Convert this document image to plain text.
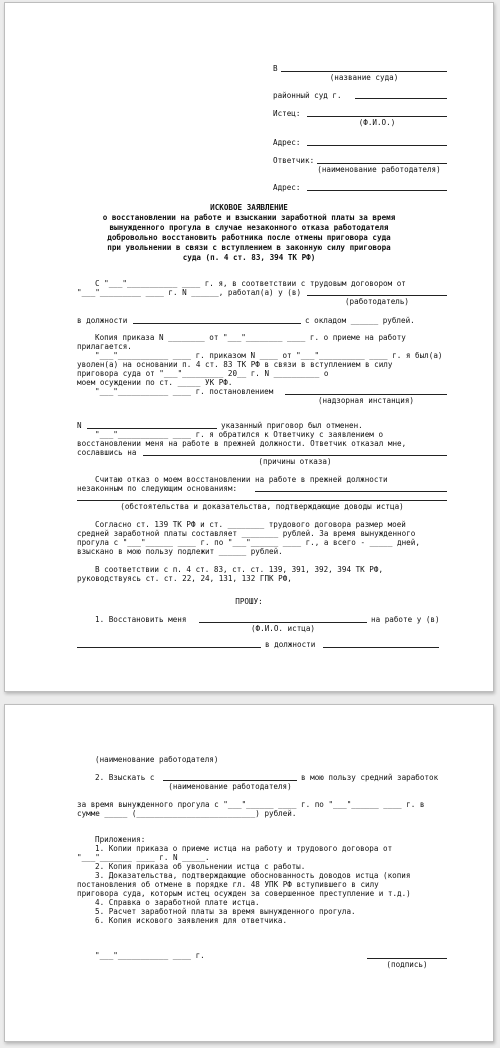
В
(название суда)
районный суд г.
Истец:
(Ф.И.О.)
Адрес:
Ответчик:
(наименование работодателя)
Адрес:
ИСКОВОЕ ЗАЯВЛЕНИЕ
о восстановлении на работе и взыскании заработной платы за время
вынужденного прогула в случае незаконного отказа работодателя
добровольно восстановить работника после отмены приговора суда
при увольнении в связи с вступлением в законную силу приговора
суда (п. 4 ст. 83, 394 ТК РФ)
С "___"___________ ____ г. я, в соответствии с трудовым договором от
"___"_________ ____ г. N ______, работал(а) у (в)
(работодатель)
в должности	с окладом ______ рублей.
Копия приказа N ________ от "___"________ ____ г. о приеме на работу
прилагается.
"___"___________ ____ г. приказом N ____ от "___"__________ ____ г. я был(а)
уволен(а) на основании п. 4 ст. 83 ТК РФ в связи в вступлением в силу
приговора суда от "___"_________ 20__ г. N __________ о
моем осуждении по ст. _____ УК РФ.
"___"___________ ____ г. постановлением
(надзорная инстанция)
N	указанный приговор был отменен.
"___"___________ ____ г. я обратился к Ответчику с заявлением о
восстановлении меня на работе в прежней должности. Ответчик отказал мне,
сославшись на
(причины отказа)
Считаю отказ о моем восстановлении на работе в прежней должности
незаконным по следующим основаниям:
(обстоятельства и доказательства, подтверждающие доводы истца)
Согласно ст. 139 ТК РФ и ст. ________ трудового договора размер моей
средней заработной платы составляет ________ рублей. За время вынужденного
прогула с "___"______ ____ г. по "___"______ ____ г., а всего - _____ дней,
взыскано в мою пользу подлежит ______ рублей.
В соответствии с п. 4 ст. 83, ст. ст. 139, 391, 392, 394 ТК РФ,
руководствуясь ст. ст. 22, 24, 131, 132 ГПК РФ,
ПРОШУ:
1. Восстановить меня	на работе у (в)
(Ф.И.О. истца)
в должности
(наименование работодателя)
2. Взыскать с	в мою пользу средний заработок
(наименование работодателя)
за время вынужденного прогула с "___"______ ____ г. по "___"______ ____ г. в
сумме _____ (__________________________) рублей.
Приложения:
1. Копии приказа о приеме истца на работу и трудового договора от
"___"_______ ____ г. N _____.
2. Копия приказа об увольнении истца с работы.
3. Доказательства, подтверждающие обоснованность доводов истца (копия
постановления об отмене в порядке гл. 48 УПК РФ вступившего в силу
приговора суда, которым истец осужден за совершенное преступление и т.д.)
4. Справка о заработной плате истца.
5. Расчет заработной платы за время вынужденного прогула.
6. Копия искового заявления для ответчика.
"___"___________ ____ г.
(подпись)
